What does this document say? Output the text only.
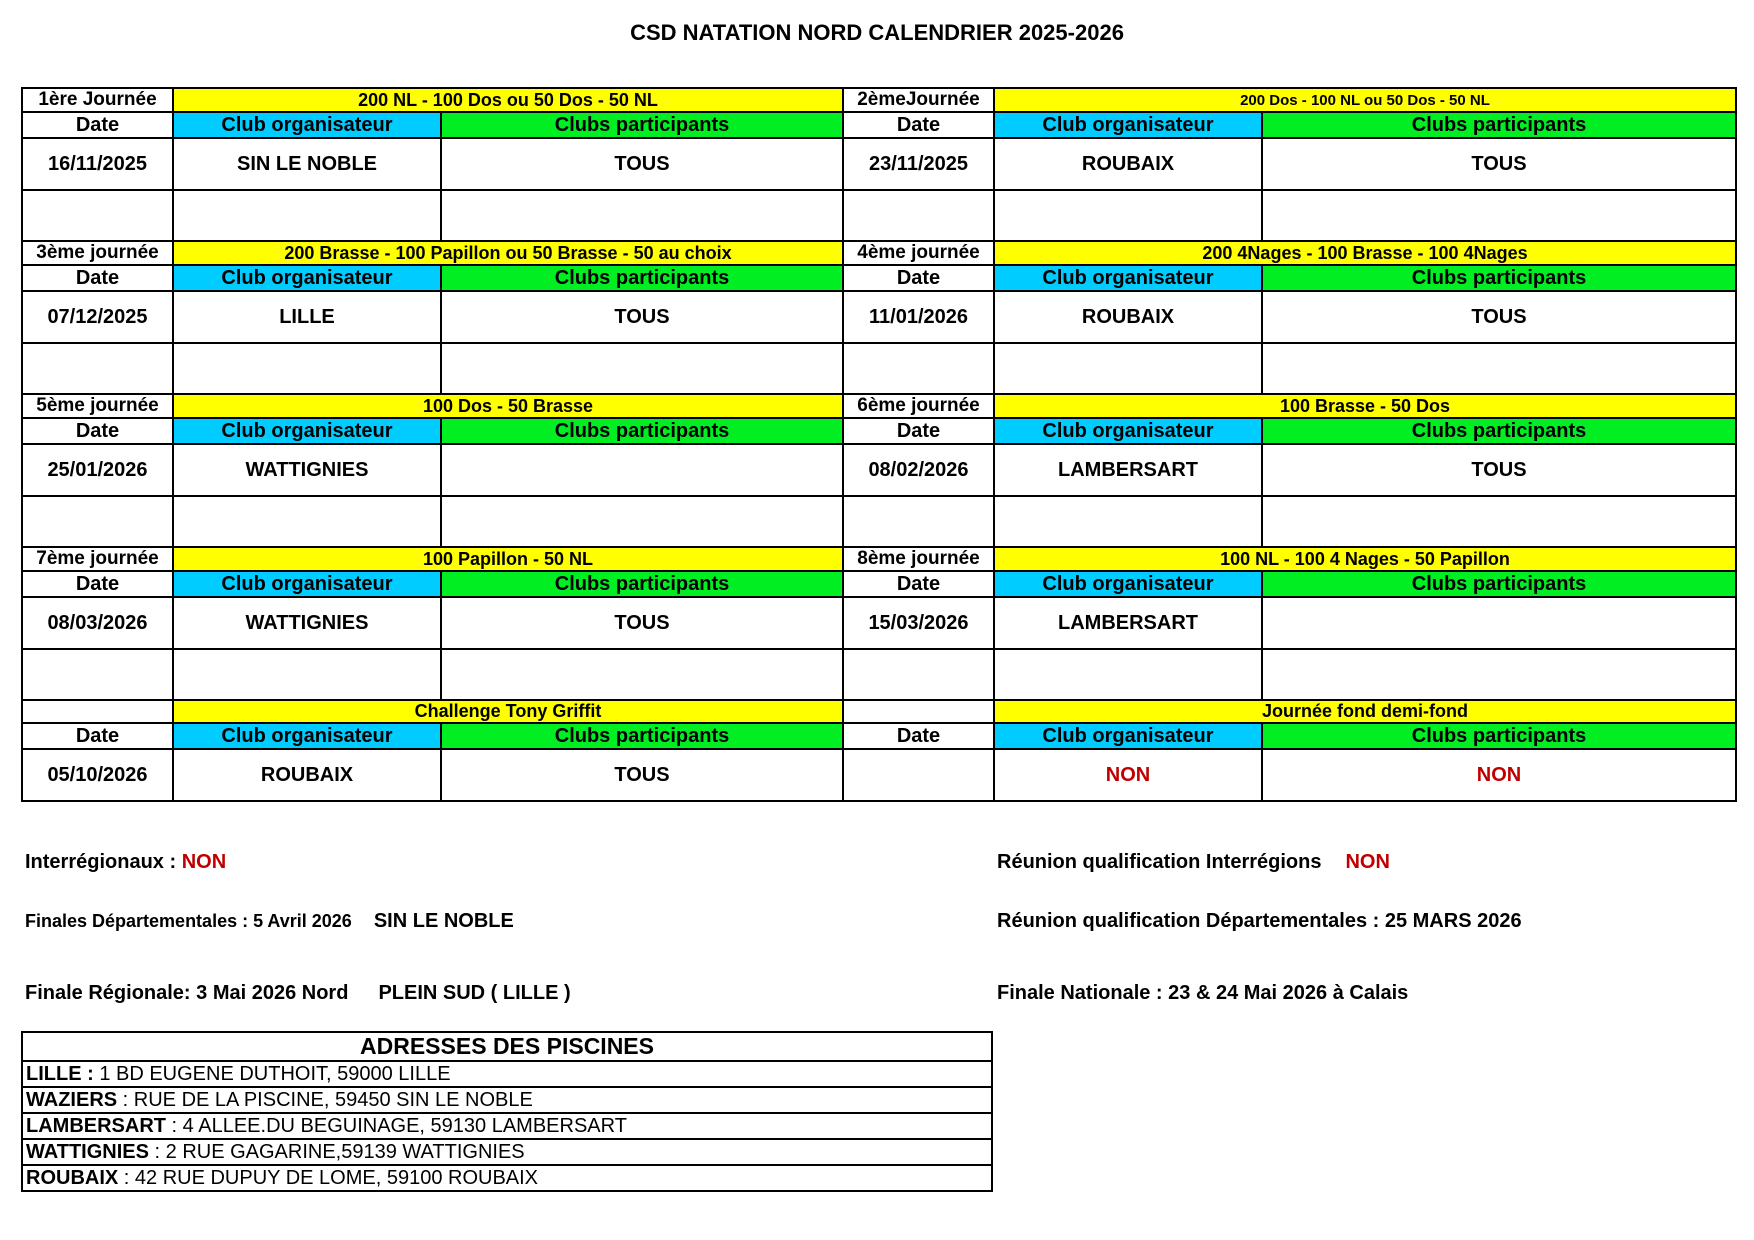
CSD NATATION NORD CALENDRIER 2025-2026
1ère Journée	200 NL - 100 Dos ou 50 Dos - 50 NL		2èmeJournée	200 Dos - 100 NL ou 50 Dos - 50 NL	
Date	Club organisateur	Clubs participants	Date	Club organisateur	Clubs participants
16/11/2025	SIN LE NOBLE	TOUS	23/11/2025	ROUBAIX	TOUS

3ème journée	200 Brasse - 100 Papillon ou 50 Brasse - 50 au choix		4ème journée	200 4Nages - 100 Brasse - 100 4Nages	
Date	Club organisateur	Clubs participants	Date	Club organisateur	Clubs participants
07/12/2025	LILLE	TOUS	11/01/2026	ROUBAIX	TOUS

5ème journée	100 Dos - 50 Brasse		6ème journée	100 Brasse - 50 Dos	
Date	Club organisateur	Clubs participants	Date	Club organisateur	Clubs participants
25/01/2026	WATTIGNIES		08/02/2026	LAMBERSART	TOUS

7ème journée	100 Papillon - 50 NL		8ème journée	100 NL - 100 4 Nages - 50 Papillon	
Date	Club organisateur	Clubs participants	Date	Club organisateur	Clubs participants
08/03/2026	WATTIGNIES	TOUS	15/03/2026	LAMBERSART	

	Challenge Tony Griffit			Journée fond demi-fond	
Date	Club organisateur	Clubs participants	Date	Club organisateur	Clubs participants
05/10/2026	ROUBAIX	TOUS		NON	NON
Interrégionaux : NON	Réunion qualification Interrégions NON
Finales Départementales : 5 Avril 2026 SIN LE NOBLE	Réunion qualification Départementales : 25 MARS 2026
Finale Régionale: 3 Mai 2026 Nord PLEIN SUD ( LILLE )	Finale Nationale : 23 & 24 Mai 2026 à Calais
ADRESSES DES PISCINES
LILLE : 1 BD EUGENE DUTHOIT, 59000 LILLE
WAZIERS : RUE DE LA PISCINE, 59450 SIN LE NOBLE
LAMBERSART : 4 ALLEE.DU BEGUINAGE, 59130 LAMBERSART
WATTIGNIES : 2 RUE GAGARINE,59139 WATTIGNIES
ROUBAIX : 42 RUE DUPUY DE LOME, 59100 ROUBAIX
